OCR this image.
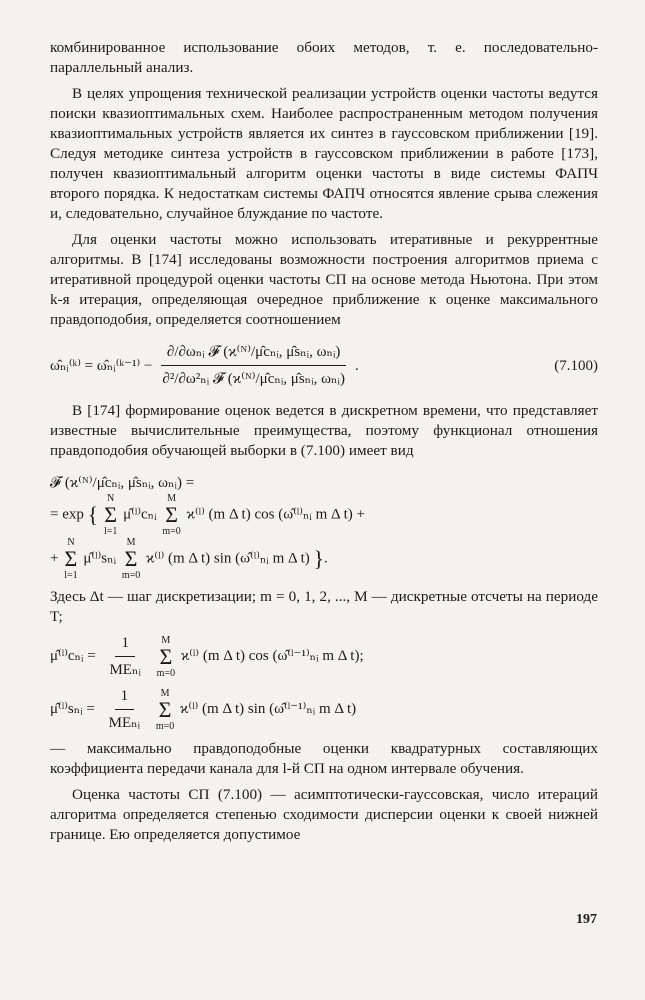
комбинированное использование обоих методов, т. е. последовательно-параллельный анализ.

В целях упрощения технической реализации устройств оценки частоты ведутся поиски квазиоптимальных схем. Наиболее распространенным методом получения квазиоптимальных устройств является их синтез в гауссовском приближении [19]. Следуя методике синтеза устройств в гауссовском приближении в работе [173], получен квазиоптимальный алгоритм оценки частоты в виде системы ФАПЧ второго порядка. К недостаткам системы ФАПЧ относятся явление срыва слежения и, следовательно, случайное блуждание по частоте.

Для оценки частоты можно использовать итеративные и рекуррентные алгоритмы. В [174] исследованы возможности построения алгоритмов приема с итеративной процедурой оценки частоты СП на основе метода Ньютона. При этом k-я итерация, определяющая очередное приближение к оценке максимального правдоподобия, определяется соотношением

ω̂ₙᵢ⁽ᵏ⁾ = ω̂ₙᵢ⁽ᵏ⁻¹⁾ − $\frac{\text{∂/∂ωₙᵢ 𝓕 (ϰ⁽ᴺ⁾/μ̂cₙᵢ, μ̂sₙᵢ, ωₙᵢ)}}{\text{∂²/∂ω²ₙᵢ 𝓕 (ϰ⁽ᴺ⁾/μ̂cₙᵢ, μ̂sₙᵢ, ωₙᵢ)}}$ .	(7.100)

В [174] формирование оценок ведется в дискретном времени, что представляет известные вычислительные преимущества, поэтому функционал отношения правдоподобия обучающей выборки в (7.100) имеет вид

𝓕 (ϰ⁽ᴺ⁾/μ̂cₙᵢ, μ̂sₙᵢ, ωₙᵢ) =

= exp {
N
Σ
l=1
μ̂⁽ˡ⁾cₙᵢ
M
Σ
m=0
ϰ⁽ˡ⁾ (m Δ t) cos (ω̂⁽ˡ⁾ₙᵢ m Δ t) +

+
N
Σ
l=1
μ̂⁽ˡ⁾sₙᵢ
M
Σ
m=0
ϰ⁽ˡ⁾ (m Δ t) sin (ω̂⁽ˡ⁾ₙᵢ m Δ t) }.

Здесь Δt — шаг дискретизации; m = 0, 1, 2, ..., M — дискретные отсчеты на периоде T;

μ̂⁽ˡ⁾cₙᵢ = $\frac{1}{\text{MEₙᵢ}}$
M
Σ
m=0
ϰ⁽ˡ⁾ (m Δ t) cos (ω̂⁽ˡ⁻¹⁾ₙᵢ m Δ t);

μ̂⁽ˡ⁾sₙᵢ = $\frac{1}{\text{MEₙᵢ}}$
M
Σ
m=0
ϰ⁽ˡ⁾ (m Δ t) sin (ω̂⁽ˡ⁻¹⁾ₙᵢ m Δ t)

— максимально правдоподобные оценки квадратурных составляющих коэффициента передачи канала для l-й СП на одном интервале обучения.

Оценка частоты СП (7.100) — асимптотически-гауссовская, число итераций алгоритма определяется степенью сходимости дисперсии оценки к своей нижней границе. Ею определяется допустимое

197
